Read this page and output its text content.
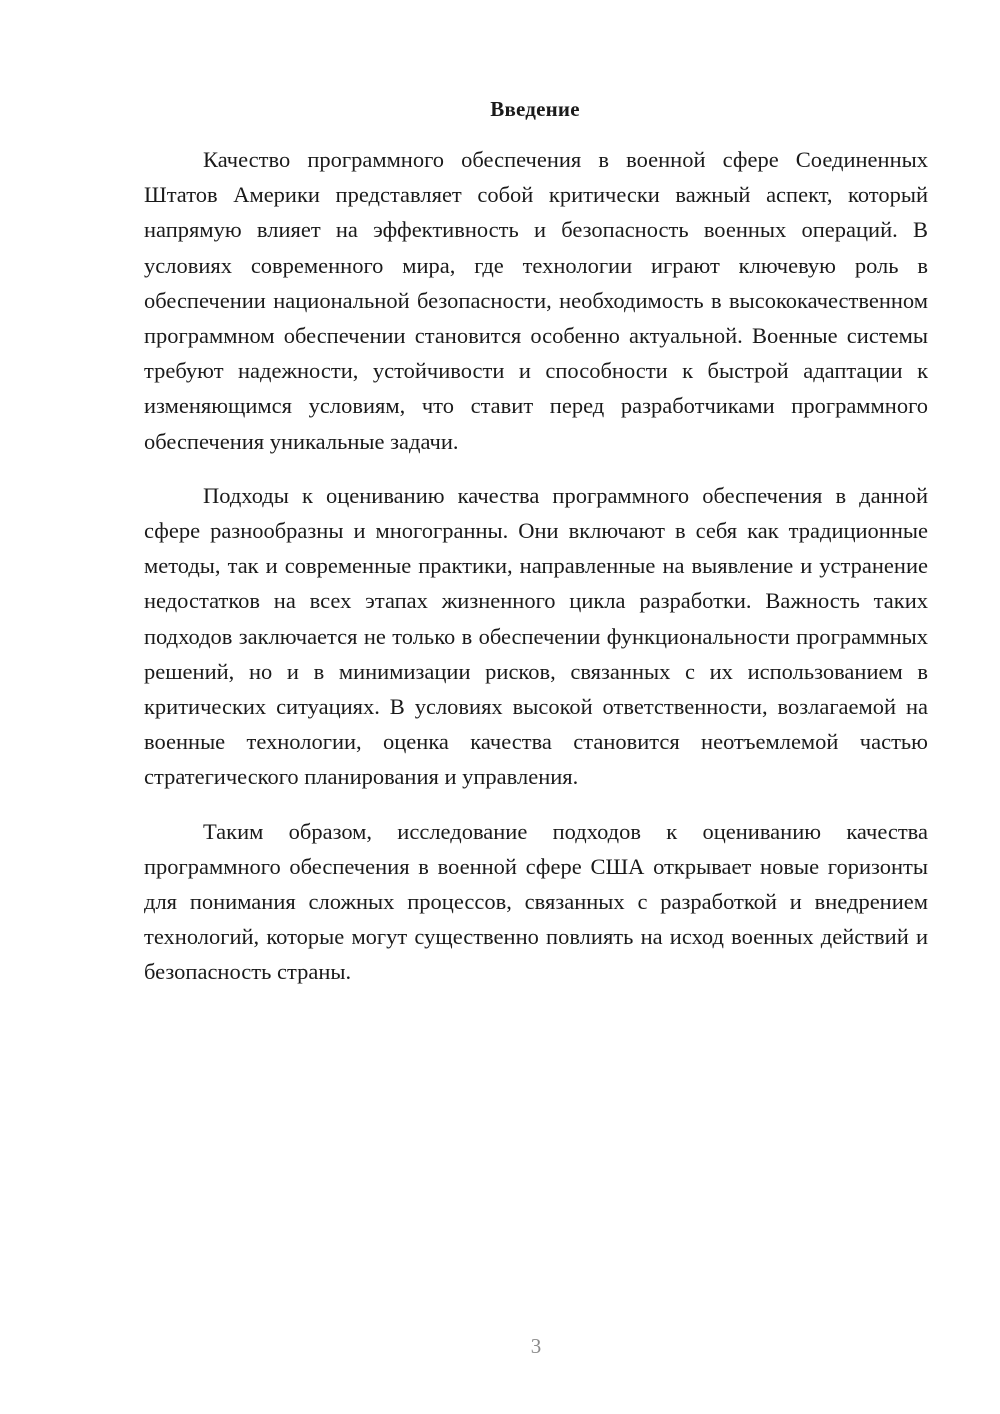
Введение

Качество программного обеспечения в военной сфере Соединенных Штатов Америки представляет собой критически важный аспект, который напрямую влияет на эффективность и безопасность военных операций. В условиях современного мира, где технологии играют ключевую роль в обеспечении национальной безопасности, необходимость в высококачественном программном обеспечении становится особенно актуальной. Военные системы требуют надежности, устойчивости и способности к быстрой адаптации к изменяющимся условиям, что ставит перед разработчиками программного обеспечения уникальные задачи.

Подходы к оцениванию качества программного обеспечения в данной сфере разнообразны и многогранны. Они включают в себя как традиционные методы, так и современные практики, направленные на выявление и устранение недостатков на всех этапах жизненного цикла разработки. Важность таких подходов заключается не только в обеспечении функциональности программных решений, но и в минимизации рисков, связанных с их использованием в критических ситуациях. В условиях высокой ответственности, возлагаемой на военные технологии, оценка качества становится неотъемлемой частью стратегического планирования и управления.

Таким образом, исследование подходов к оцениванию качества программного обеспечения в военной сфере США открывает новые горизонты для понимания сложных процессов, связанных с разработкой и внедрением технологий, которые могут существенно повлиять на исход военных действий и безопасность страны.

3
